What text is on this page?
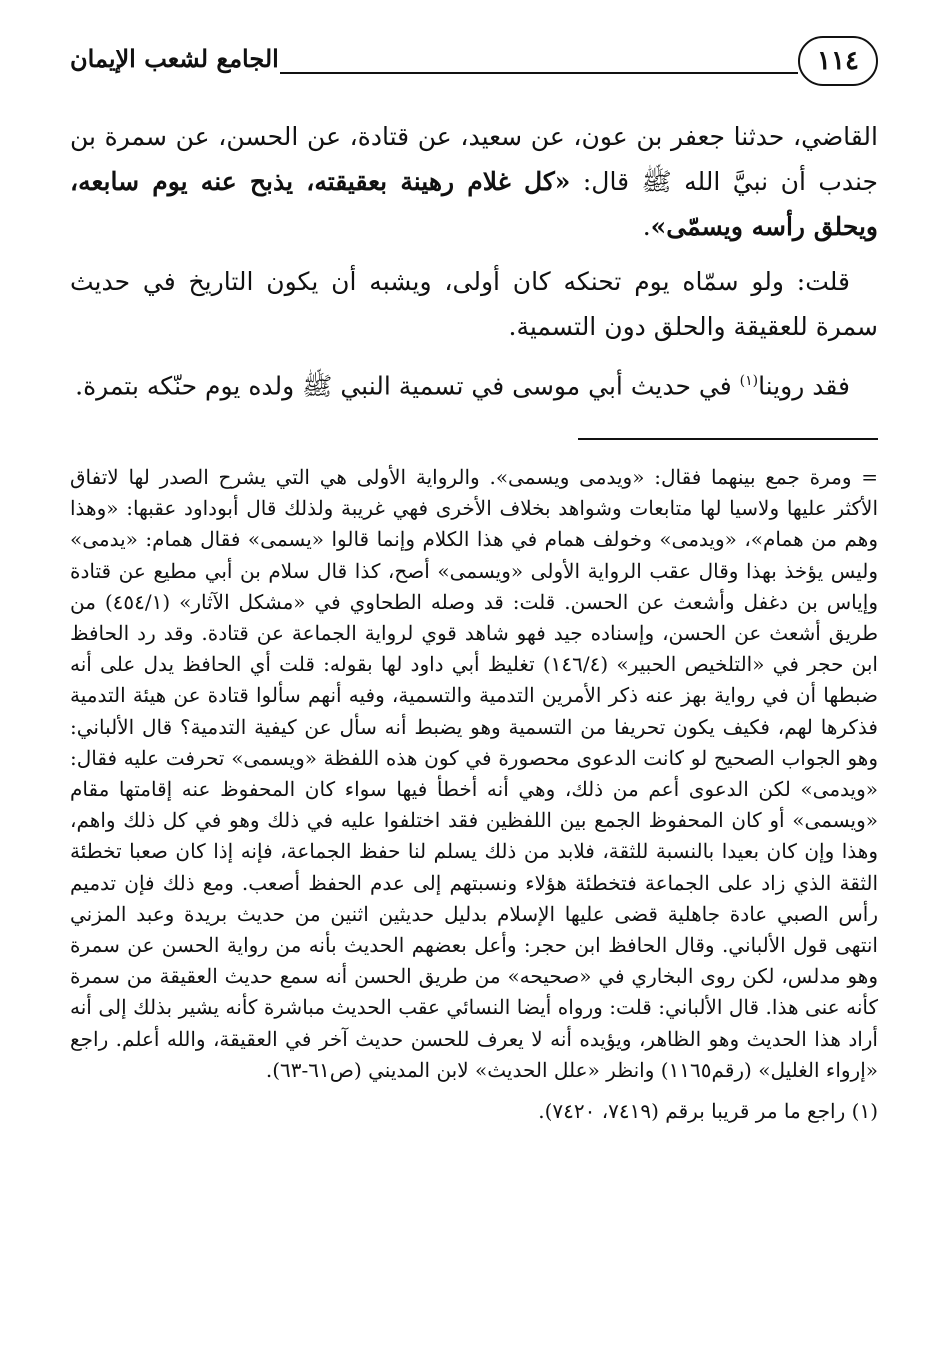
١١٤
الجامع لشعب الإيمان

القاضي، حدثنا جعفر بن عون، عن سعيد، عن قتادة، عن الحسن، عن سمرة بن جندب أن نبيَّ الله ﷺ قال: «كل غلام رهينة بعقيقته، يذبح عنه يوم سابعه، ويحلق رأسه ويسمّى».

قلت: ولو سمّاه يوم تحنكه كان أولى، ويشبه أن يكون التاريخ في حديث سمرة للعقيقة والحلق دون التسمية.

فقد روينا$^{(١)}$ في حديث أبي موسى في تسمية النبي ﷺ ولده يوم حنّكه بتمرة.

= ومرة جمع بينهما فقال: «ويدمى ويسمى». والرواية الأولى هي التي يشرح الصدر لها لاتفاق الأكثر عليها ولاسيا لها متابعات وشواهد بخلاف الأخرى فهي غريبة ولذلك قال أبوداود عقبها: «وهذا وهم من همام»، «ويدمى» وخولف همام في هذا الكلام وإنما قالوا «يسمى» فقال همام: «يدمى» وليس يؤخذ بهذا وقال عقب الرواية الأولى «ويسمى» أصح، كذا قال سلام بن أبي مطيع عن قتادة وإياس بن دغفل وأشعث عن الحسن. قلت: قد وصله الطحاوي في «مشكل الآثار» (٤٥٤/١) من طريق أشعث عن الحسن، وإسناده جيد فهو شاهد قوي لرواية الجماعة عن قتادة. وقد رد الحافظ ابن حجر في «التلخيص الحبير» (١٤٦/٤) تغليظ أبي داود لها بقوله: قلت أي الحافظ يدل على أنه ضبطها أن في رواية بهز عنه ذكر الأمرين التدمية والتسمية، وفيه أنهم سألوا قتادة عن هيئة التدمية فذكرها لهم، فكيف يكون تحريفا من التسمية وهو يضبط أنه سأل عن كيفية التدمية؟ قال الألباني: وهو الجواب الصحيح لو كانت الدعوى محصورة في كون هذه اللفظة «ويسمى» تحرفت عليه فقال: «ويدمى» لكن الدعوى أعم من ذلك، وهي أنه أخطأ فيها سواء كان المحفوظ عنه إقامتها مقام «ويسمى» أو كان المحفوظ الجمع بين اللفظين فقد اختلفوا عليه في ذلك وهو في كل ذلك واهم، وهذا وإن كان بعيدا بالنسبة للثقة، فلابد من ذلك يسلم لنا حفظ الجماعة، فإنه إذا كان صعبا تخطئة الثقة الذي زاد على الجماعة فتخطئة هؤلاء ونسبتهم إلى عدم الحفظ أصعب. ومع ذلك فإن تدميم رأس الصبي عادة جاهلية قضى عليها الإسلام بدليل حديثين اثنين من حديث بريدة وعبد المزني انتهى قول الألباني. وقال الحافظ ابن حجر: وأعل بعضهم الحديث بأنه من رواية الحسن عن سمرة وهو مدلس، لكن روى البخاري في «صحيحه» من طريق الحسن أنه سمع حديث العقيقة من سمرة كأنه عنى هذا. قال الألباني: قلت: ورواه أيضا النسائي عقب الحديث مباشرة كأنه يشير بذلك إلى أنه أراد هذا الحديث وهو الظاهر، ويؤيده أنه لا يعرف للحسن حديث آخر في العقيقة، والله أعلم. راجع «إرواء الغليل» (رقم١١٦٥) وانظر «علل الحديث» لابن المديني (ص٦١-٦٣).

(١) راجع ما مر قريبا برقم (٧٤١٩، ٧٤٢٠).
